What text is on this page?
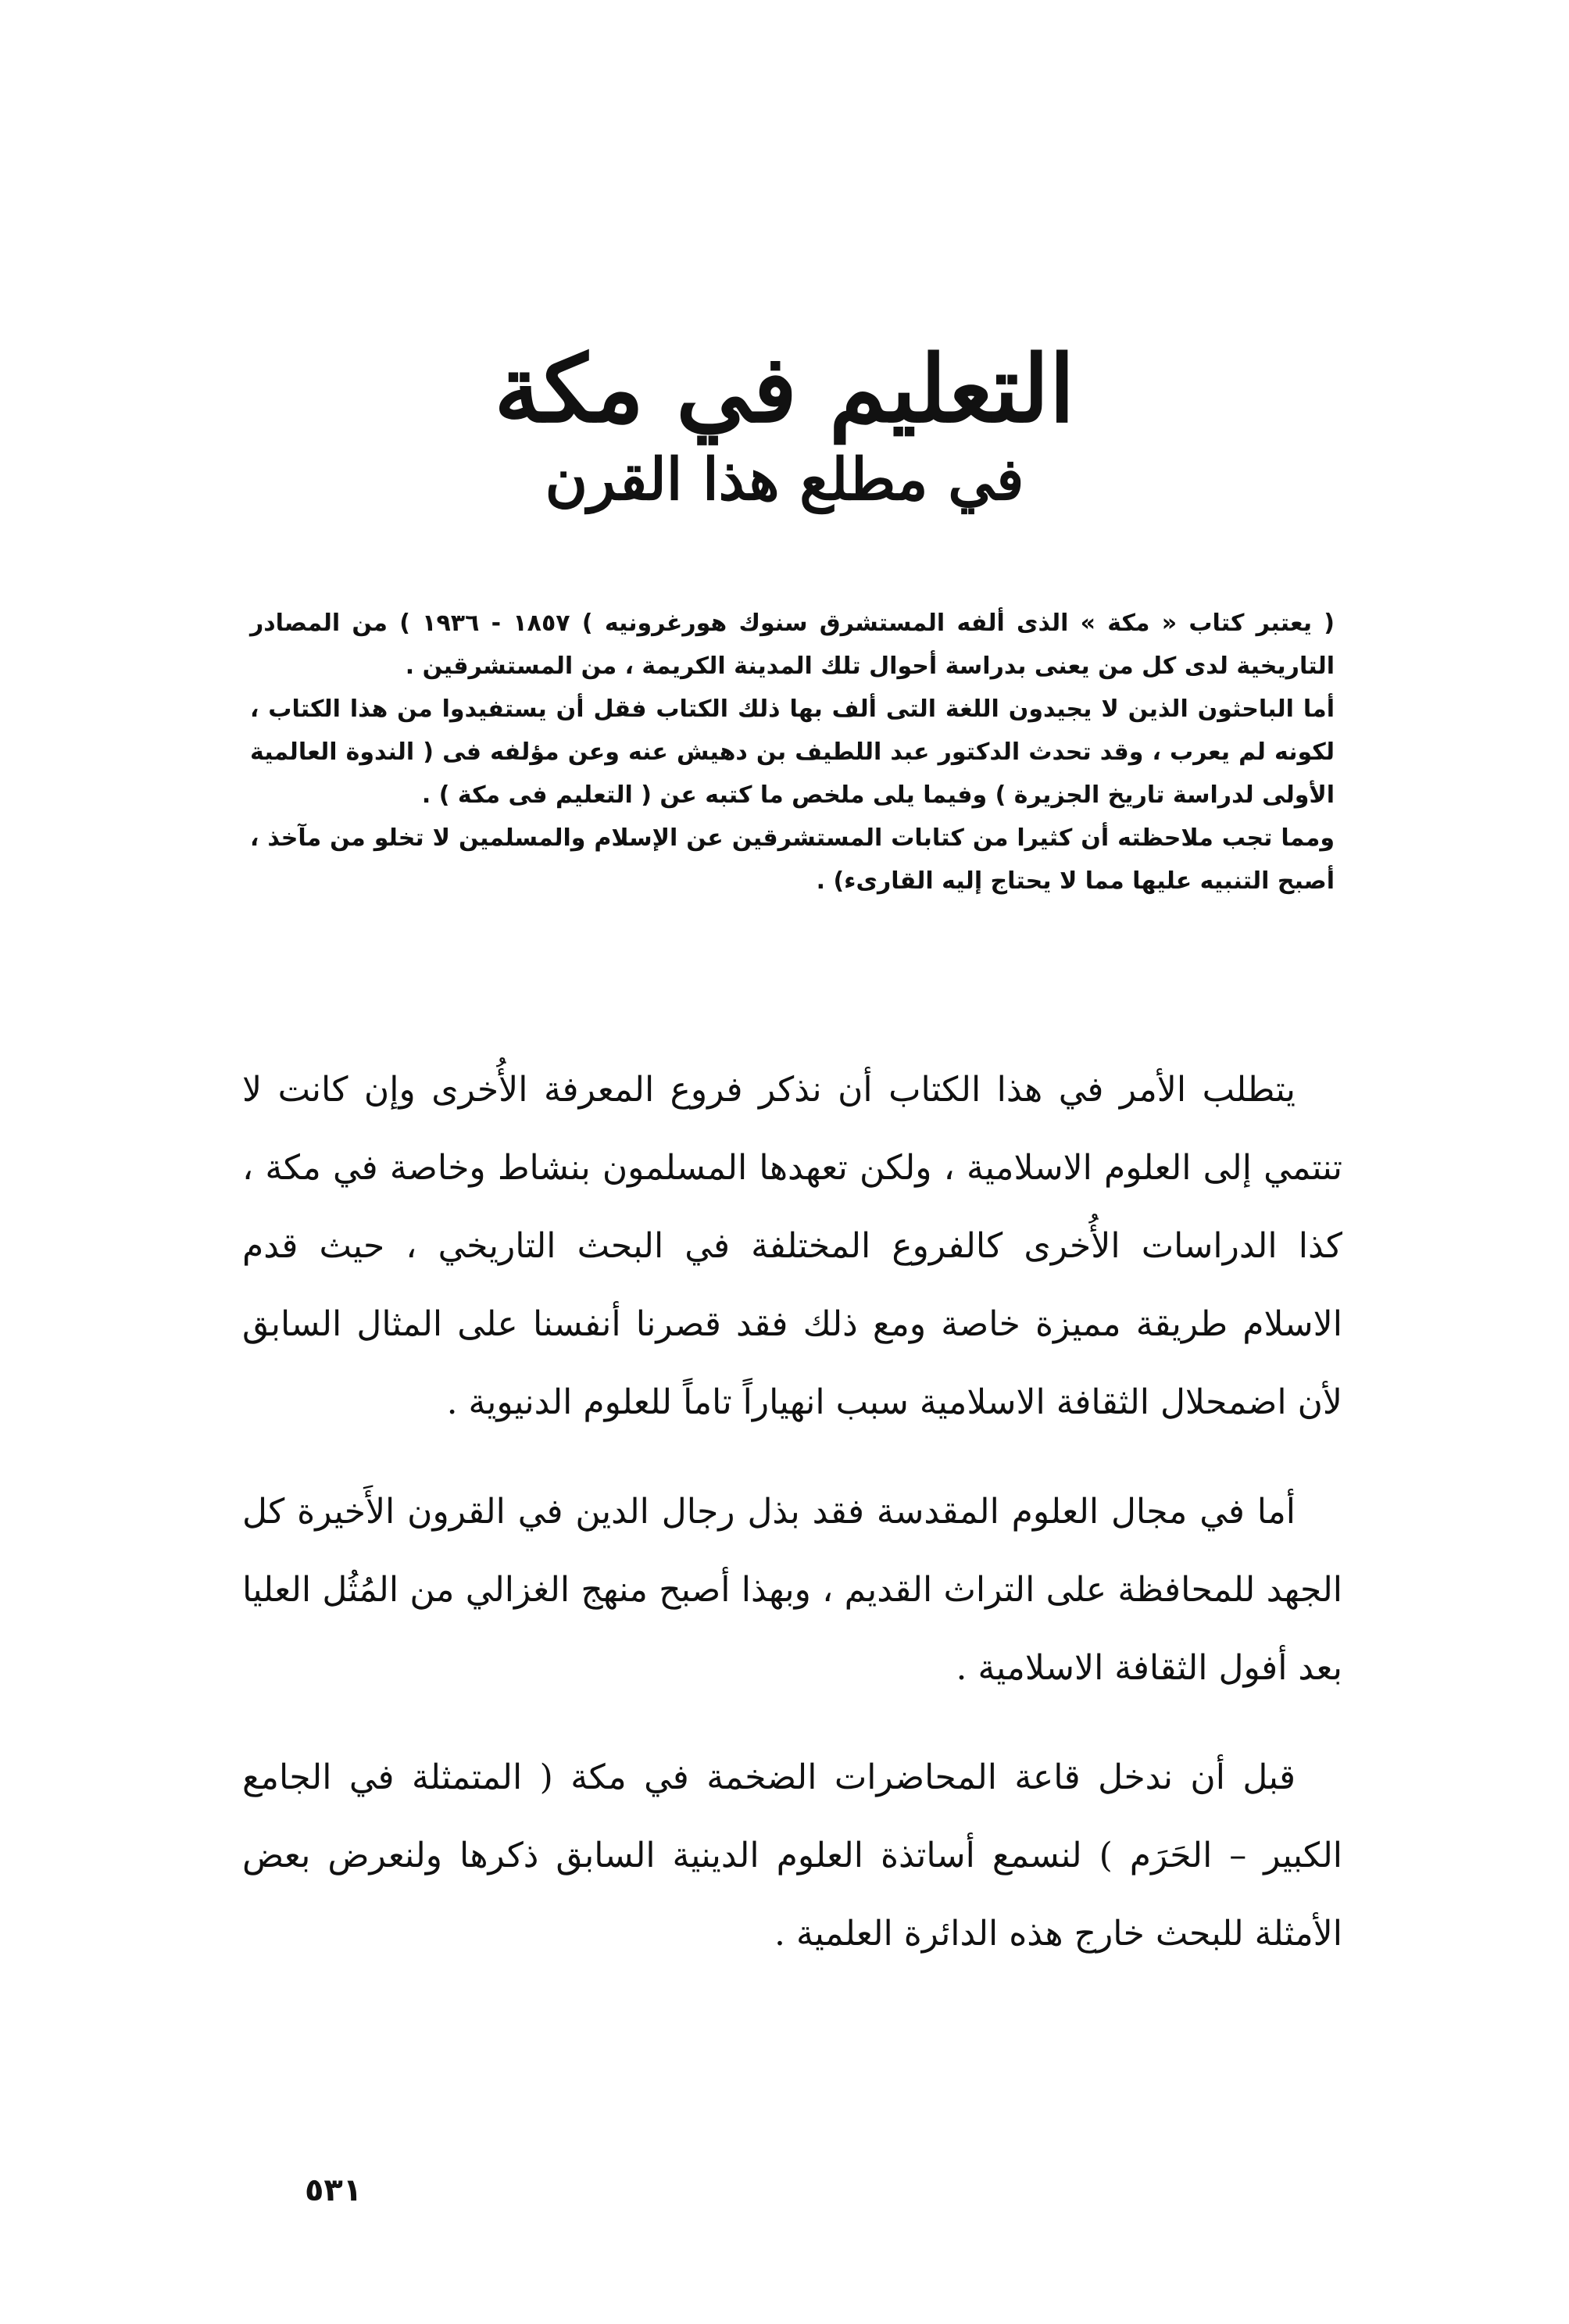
التعليم في مكة
في مطلع هذا القرن

( يعتبر كتاب « مكة » الذى ألفه المستشرق سنوك هورغرونيه ) ١٨٥٧ - ١٩٣٦ ) من المصادر التاريخية لدى كل من يعنى بدراسة أحوال تلك المدينة الكريمة ، من المستشرقين .

أما الباحثون الذين لا يجيدون اللغة التى ألف بها ذلك الكتاب فقل أن يستفيدوا من هذا الكتاب ، لكونه لم يعرب ، وقد تحدث الدكتور عبد اللطيف بن دهيش عنه وعن مؤلفه فى ( الندوة العالمية الأولى لدراسة تاريخ الجزيرة ) وفيما يلى ملخص ما كتبه عن ( التعليم فى مكة ) .

ومما تجب ملاحظته أن كثيرا من كتابات المستشرقين عن الإسلام والمسلمين لا تخلو من مآخذ ، أصبح التنبيه عليها مما لا يحتاج إليه القارىء) .

يتطلب الأمر في هذا الكتاب أن نذكر فروع المعرفة الأُخرى وإن كانت لا تنتمي إلى العلوم الاسلامية ، ولكن تعهدها المسلمون بنشاط وخاصة في مكة ، كذا الدراسات الأُخرى كالفروع المختلفة في البحث التاريخي ، حيث قدم الاسلام طريقة مميزة خاصة ومع ذلك فقد قصرنا أنفسنا على المثال السابق لأن اضمحلال الثقافة الاسلامية سبب انهياراً تاماً للعلوم الدنيوية .

أما في مجال العلوم المقدسة فقد بذل رجال الدين في القرون الأَخيرة كل الجهد للمحافظة على التراث القديم ، وبهذا أصبح منهج الغزالي من المُثُل العليا بعد أفول الثقافة الاسلامية .

قبل أن ندخل قاعة المحاضرات الضخمة في مكة ( المتمثلة في الجامع الكبير – الحَرَم ) لنسمع أساتذة العلوم الدينية السابق ذكرها ولنعرض بعض الأمثلة للبحث خارج هذه الدائرة العلمية .

٥٣١
